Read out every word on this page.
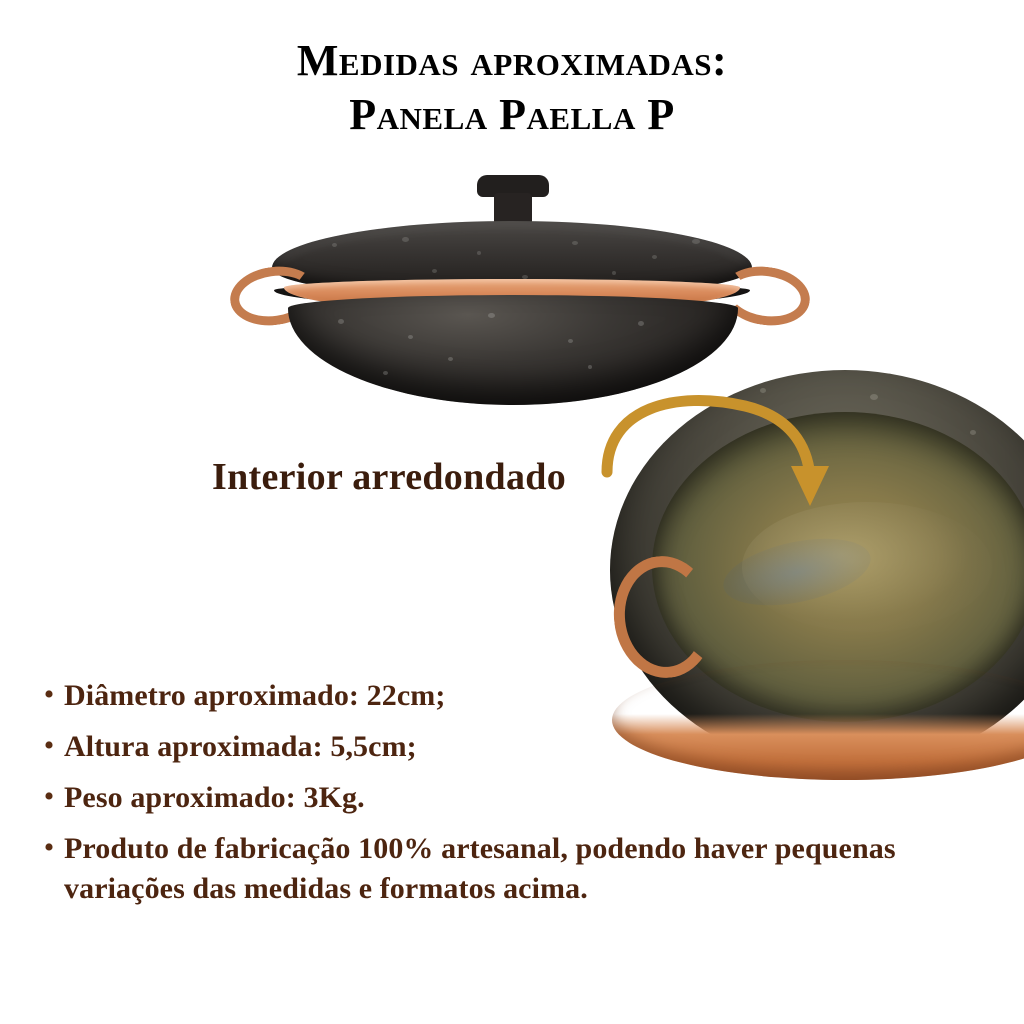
Medidas aproximadas:
Panela Paella P
Interior arredondado
• Diâmetro aproximado: 22cm;
• Altura aproximada: 5,5cm;
• Peso aproximado: 3Kg.
• Produto de fabricação 100% artesanal, podendo haver pequenas variações das medidas e formatos acima.
